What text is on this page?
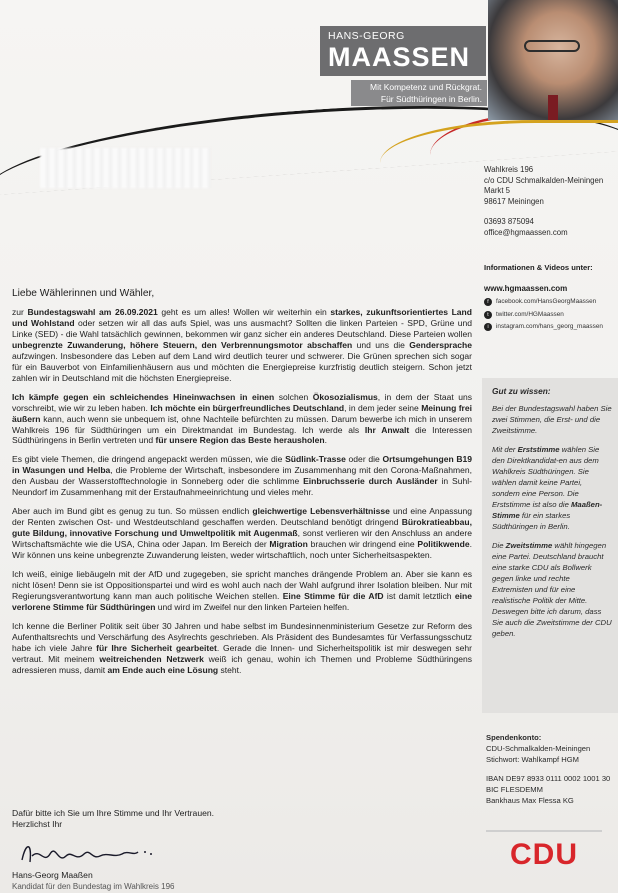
HANS-GEORG
MAASSEN
Mit Kompetenz und Rückgrat.
Für Südthüringen in Berlin.
Wahlkreis 196
c/o CDU Schmalkalden-Meiningen
Markt 5
98617 Meiningen
03693 875094
office@hgmaassen.com
Informationen & Videos unter:
www.hgmaassen.com
f	facebook.com/HansGeorgMaassen
t	twitter.com/HGMaassen
i	instagram.com/hans_georg_maassen
Gut zu wissen:

Bei der Bundestagswahl haben Sie zwei Stimmen, die Erst- und die Zweitstimme.

Mit der Erststimme wählen Sie den Direktkandidat-en aus dem Wahlkreis Südthüringen. Sie wählen damit keine Partei, sondern eine Person. Die Erststimme ist also die Maaßen-Stimme für ein starkes Südthüringen in Berlin.

Die Zweitstimme wählt hingegen eine Partei. Deutschland braucht eine starke CDU als Bollwerk gegen linke und rechte Extremisten und für eine realistische Politik der Mitte. Deswegen bitte ich darum, dass Sie auch die Zweitstimme der CDU geben.

Spendenkonto:
CDU-Schmalkalden-Meiningen
Stichwort: Wahlkampf HGM
IBAN DE97 8933 0111 0002 1001 30
BIC FLESDEMM
Bankhaus Max Flessa KG
CDU
Liebe Wählerinnen und Wähler,

zur Bundestagswahl am 26.09.2021 geht es um alles! Wollen wir weiterhin ein starkes, zukunftsorientiertes Land und Wohlstand oder setzen wir all das aufs Spiel, was uns ausmacht? Sollten die linken Parteien - SPD, Grüne und Linke (SED) - die Wahl tatsächlich gewinnen, bekommen wir ganz sicher ein anderes Deutschland. Diese Parteien wollen unbegrenzte Zuwanderung, höhere Steuern, den Verbrennungsmotor abschaffen und uns die Gendersprache aufzwingen. Insbesondere das Leben auf dem Land wird deutlich teurer und schwerer. Die Grünen sprechen sich sogar für ein Bauverbot von Einfamilienhäusern aus und möchten die Energiepreise kurzfristig deutlich steigern. Schon jetzt zahlen wir in Deutschland mit die höchsten Energiepreise.

Ich kämpfe gegen ein schleichendes Hineinwachsen in einen solchen Ökosozialismus, in dem der Staat uns vorschreibt, wie wir zu leben haben. Ich möchte ein bürgerfreundliches Deutschland, in dem jeder seine Meinung frei äußern kann, auch wenn sie unbequem ist, ohne Nachteile befürchten zu müssen. Darum bewerbe ich mich in unserem Wahlkreis 196 für Südthüringen um ein Direktmandat im Bundestag. Ich werde als Ihr Anwalt die Interessen Südthüringens in Berlin vertreten und für unsere Region das Beste herausholen.

Es gibt viele Themen, die dringend angepackt werden müssen, wie die Südlink-Trasse oder die Ortsumgehungen B19 in Wasungen und Helba, die Probleme der Wirtschaft, insbesondere im Zusammenhang mit den Corona-Maßnahmen, den Ausbau der Wasserstofftechnologie in Sonneberg oder die schlimme Einbruchsserie durch Ausländer in Suhl-Neundorf im Zusammenhang mit der Erstaufnahmeeinrichtung und vieles mehr.

Aber auch im Bund gibt es genug zu tun. So müssen endlich gleichwertige Lebensverhältnisse und eine Anpassung der Renten zwischen Ost- und Westdeutschland geschaffen werden. Deutschland benötigt dringend Bürokratieabbau, gute Bildung, innovative Forschung und Umweltpolitik mit Augenmaß, sonst verlieren wir den Anschluss an andere Wirtschaftsmächte wie die USA, China oder Japan. Im Bereich der Migration brauchen wir dringend eine Politikwende. Wir können uns keine unbegrenzte Zuwanderung leisten, weder wirtschaftlich, noch unter Sicherheitsaspekten.

Ich weiß, einige liebäugeln mit der AfD und zugegeben, sie spricht manches drängende Problem an. Aber sie kann es nicht lösen! Denn sie ist Oppositionspartei und wird es wohl auch nach der Wahl aufgrund ihrer Isolation bleiben. Nur mit Regierungsverantwortung kann man auch politische Weichen stellen. Eine Stimme für die AfD ist damit letztlich eine verlorene Stimme für Südthüringen und wird im Zweifel nur den linken Parteien helfen.

Ich kenne die Berliner Politik seit über 30 Jahren und habe selbst im Bundesinnenministerium Gesetze zur Reform des Aufenthaltsrechts und Verschärfung des Asylrechts geschrieben. Als Präsident des Bundesamtes für Verfassungsschutz habe ich viele Jahre für Ihre Sicherheit gearbeitet. Gerade die Innen- und Sicherheitspolitik ist mir deswegen sehr vertraut. Mit meinem weitreichenden Netzwerk weiß ich genau, wohin ich Themen und Probleme Südthüringens adressieren muss, damit am Ende auch eine Lösung steht.

Dafür bitte ich Sie um Ihre Stimme und Ihr Vertrauen.
Herzlichst Ihr
Hans-Georg Maaßen
Kandidat für den Bundestag im Wahlkreis 196
